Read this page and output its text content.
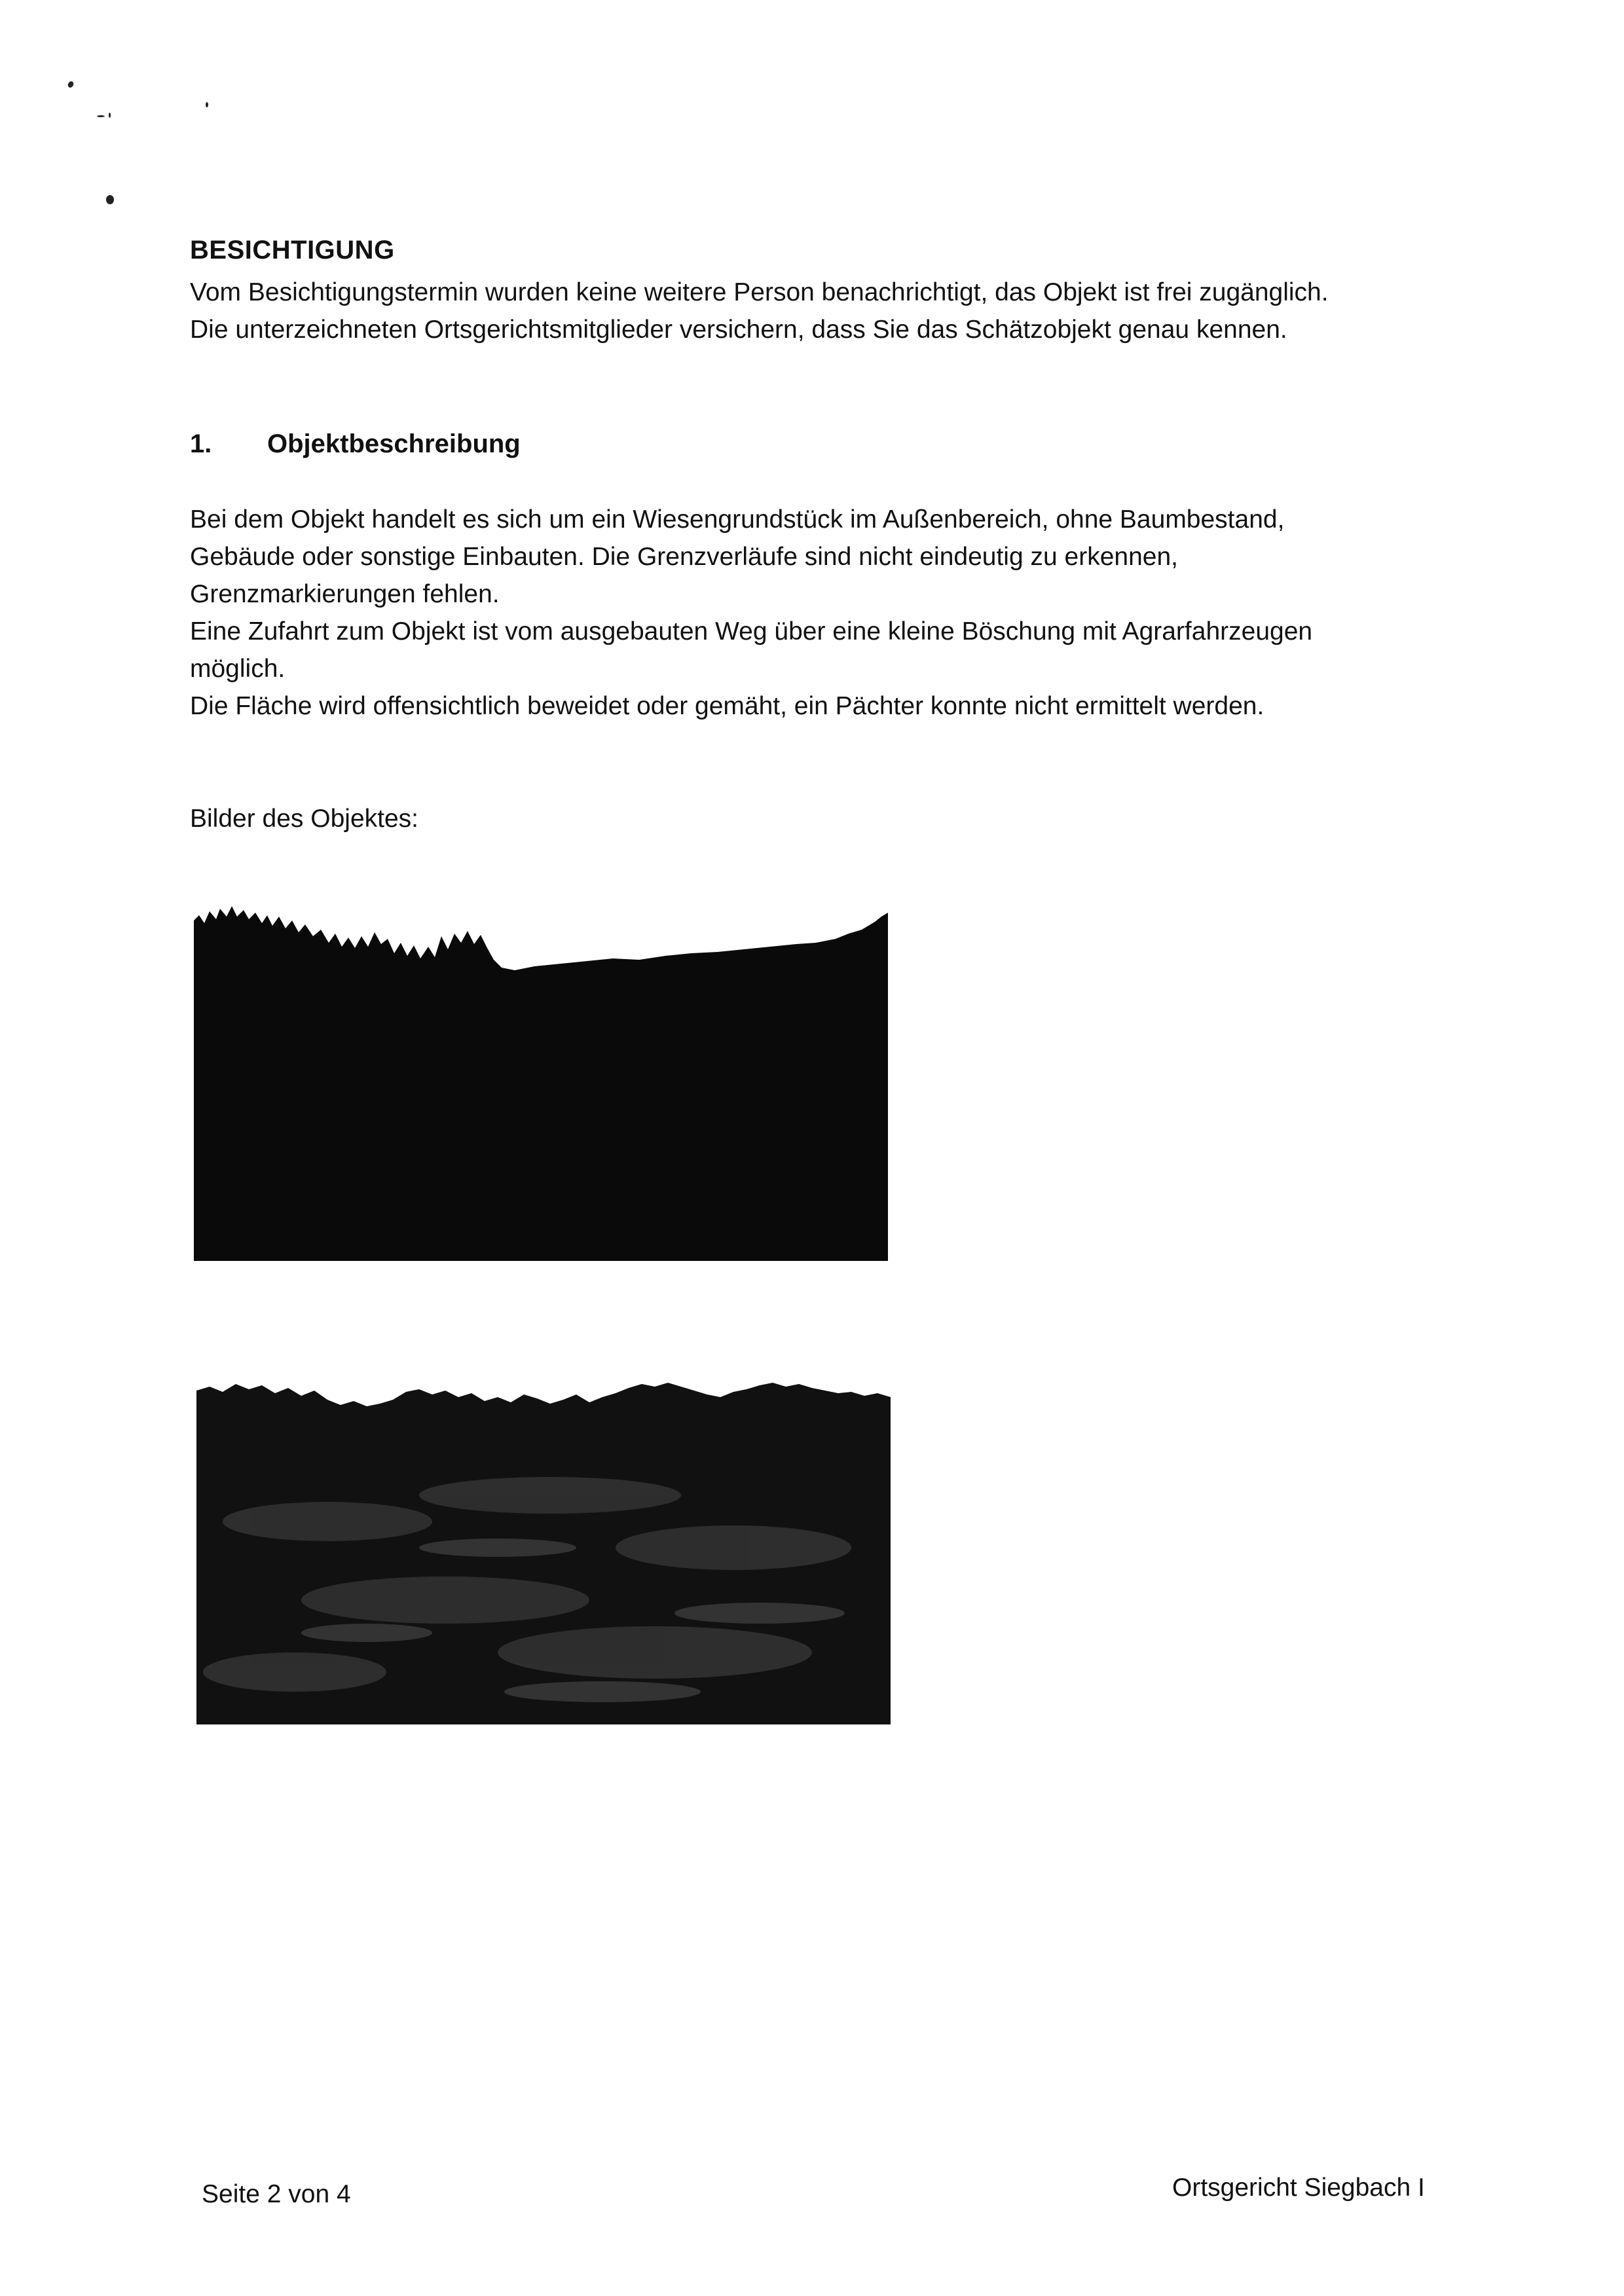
BESICHTIGUNG
Vom Besichtigungstermin wurden keine weitere Person benachrichtigt, das Objekt ist frei zugänglich.
Die unterzeichneten Ortsgerichtsmitglieder versichern, dass Sie das Schätzobjekt genau kennen.
1. Objektbeschreibung
Bei dem Objekt handelt es sich um ein Wiesengrundstück im Außenbereich, ohne Baumbestand,
Gebäude oder sonstige Einbauten. Die Grenzverläufe sind nicht eindeutig zu erkennen,
Grenzmarkierungen fehlen.
Eine Zufahrt zum Objekt ist vom ausgebauten Weg über eine kleine Böschung mit Agrarfahrzeugen
möglich.
Die Fläche wird offensichtlich beweidet oder gemäht, ein Pächter konnte nicht ermittelt werden.
Bilder des Objektes:
Seite 2 von 4	Ortsgericht Siegbach I
